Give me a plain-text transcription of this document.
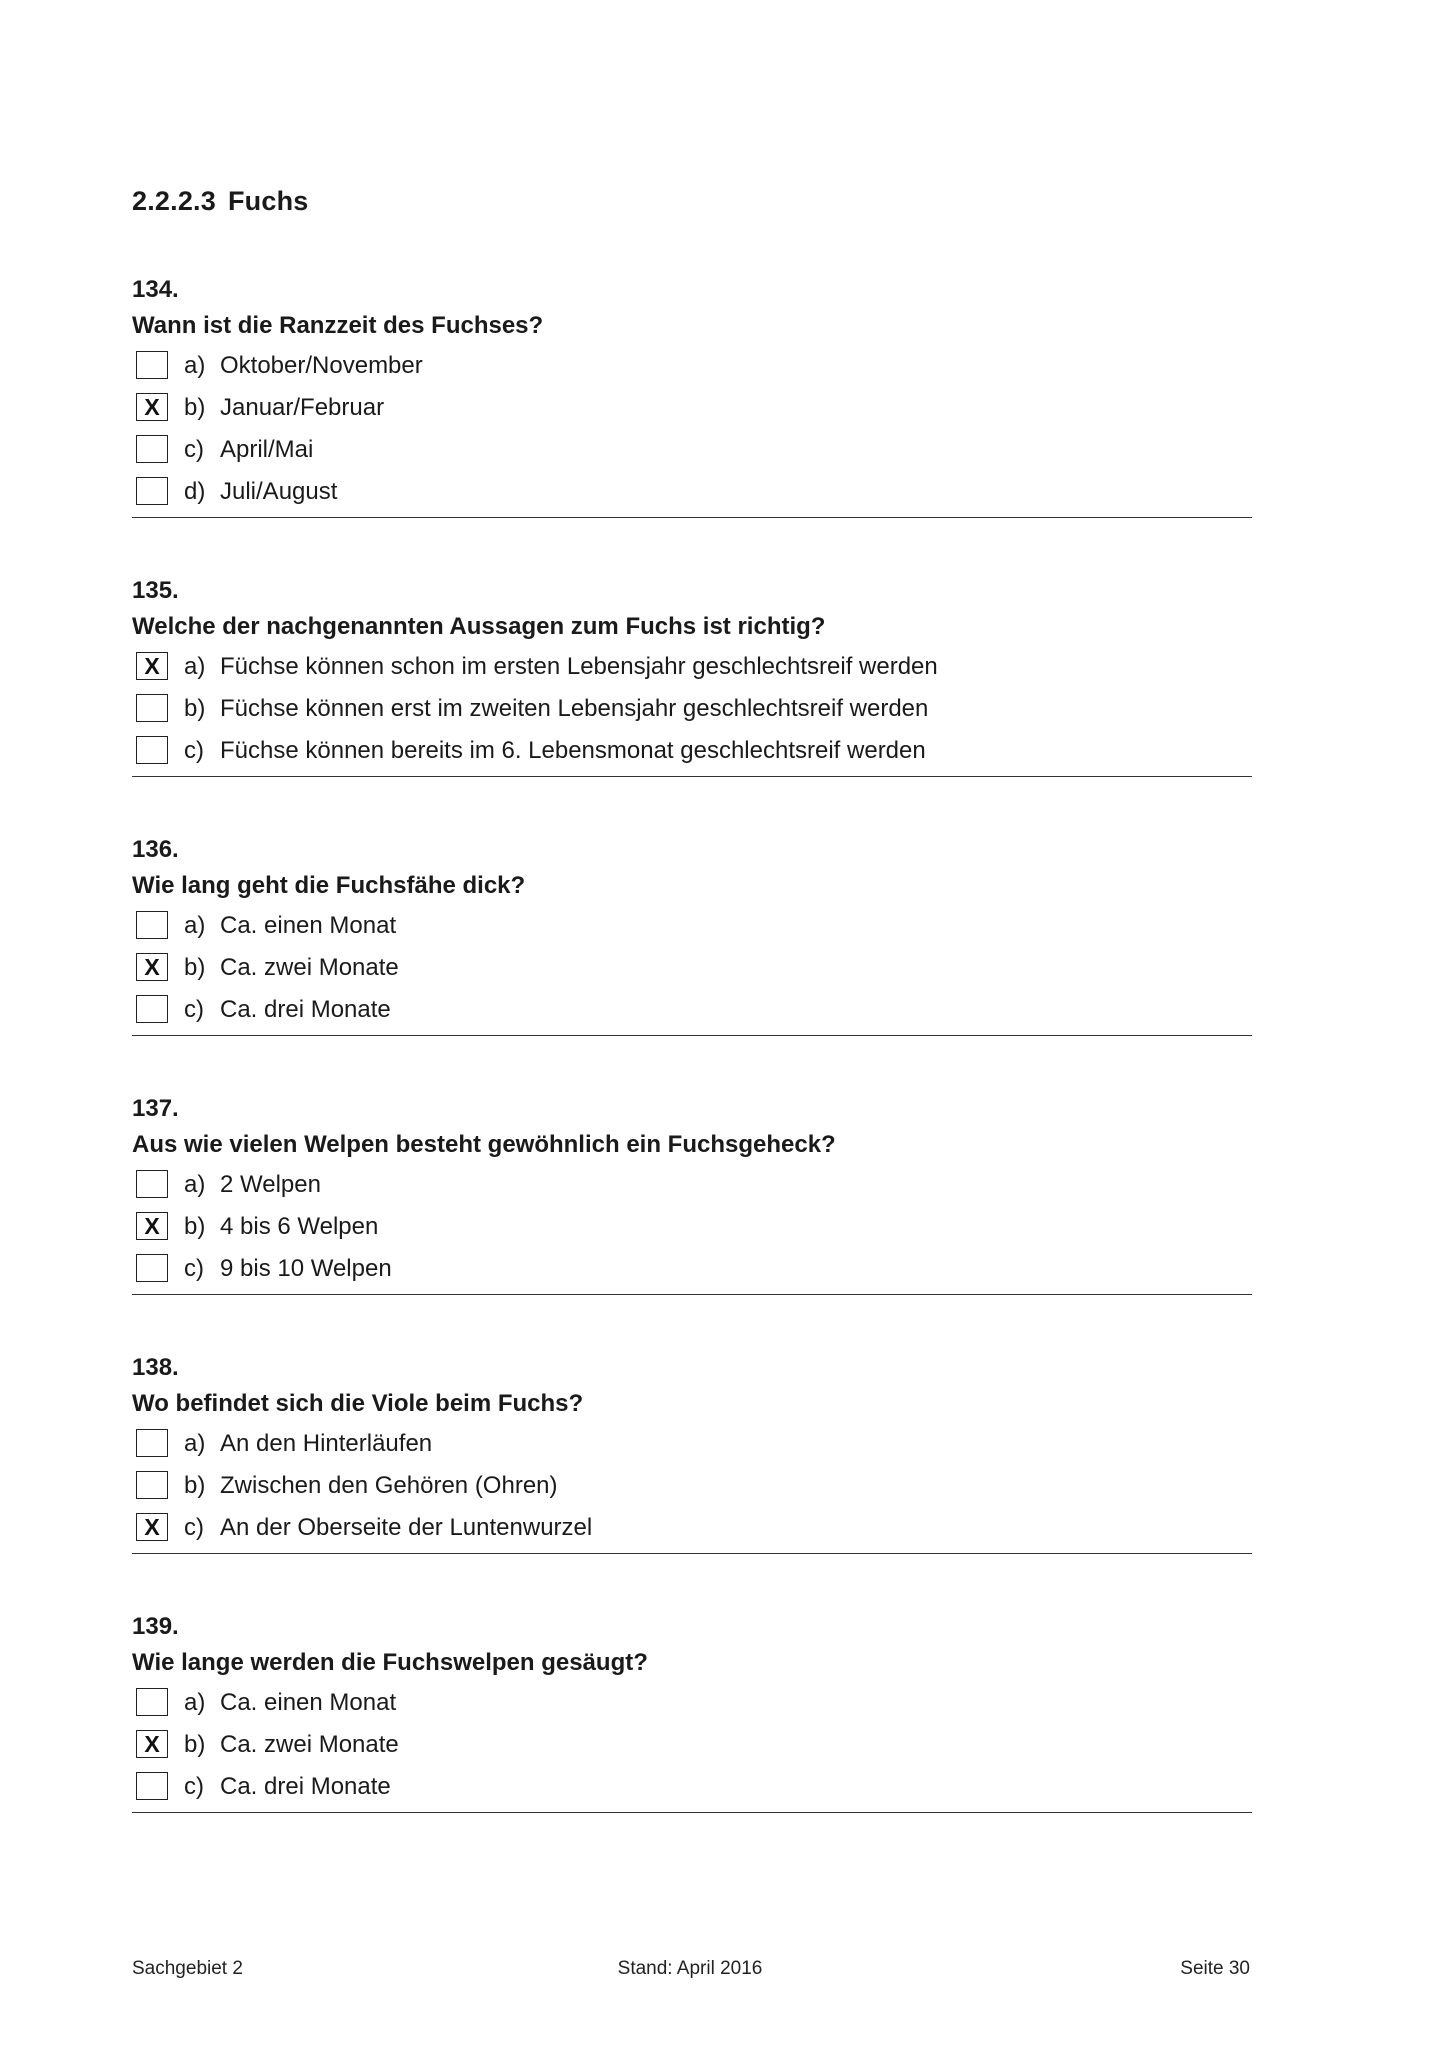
2.2.2.3 Fuchs
134.
Wann ist die Ranzzeit des Fuchses?
a) Oktober/November
X	b) Januar/Februar
c) April/Mai
d) Juli/August
135.
Welche der nachgenannten Aussagen zum Fuchs ist richtig?
X	a) Füchse können schon im ersten Lebensjahr geschlechtsreif werden
b) Füchse können erst im zweiten Lebensjahr geschlechtsreif werden
c) Füchse können bereits im 6. Lebensmonat geschlechtsreif werden
136.
Wie lang geht die Fuchsfähe dick?
a) Ca. einen Monat
X	b) Ca. zwei Monate
c) Ca. drei Monate
137.
Aus wie vielen Welpen besteht gewöhnlich ein Fuchsgeheck?
a) 2 Welpen
X	b) 4 bis 6 Welpen
c) 9 bis 10 Welpen
138.
Wo befindet sich die Viole beim Fuchs?
a) An den Hinterläufen
b) Zwischen den Gehören (Ohren)
X	c) An der Oberseite der Luntenwurzel
139.
Wie lange werden die Fuchswelpen gesäugt?
a) Ca. einen Monat
X	b) Ca. zwei Monate
c) Ca. drei Monate
Sachgebiet 2	Stand: April 2016	Seite 30
